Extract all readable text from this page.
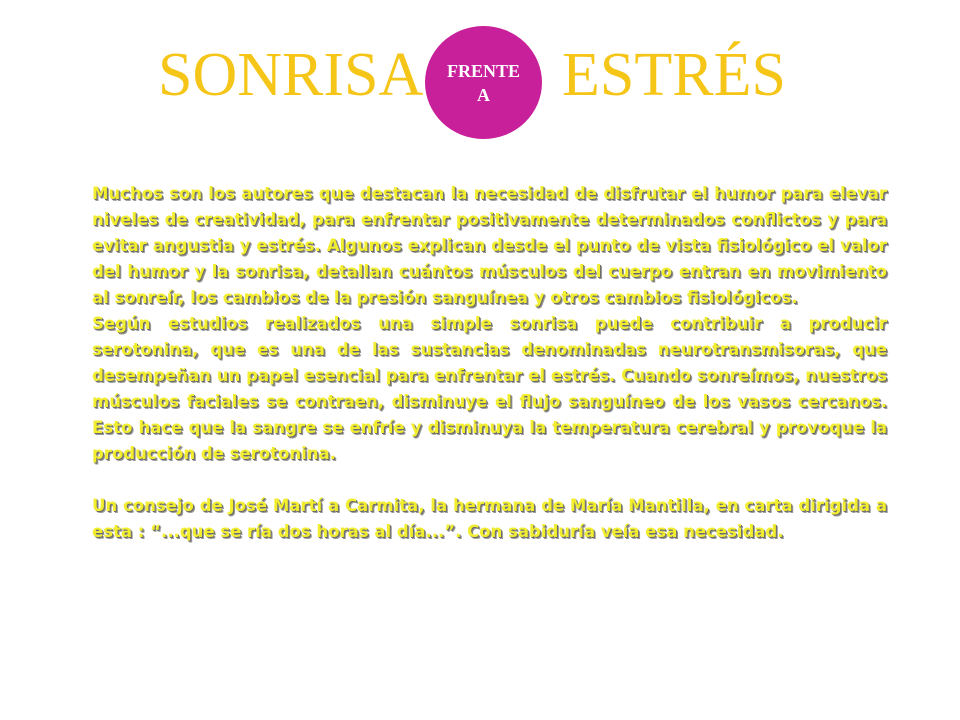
SONRISA FRENTE
A ESTRÉS

Muchos son los autores que destacan la necesidad de disfrutar el humor para elevar niveles de creatividad, para enfrentar positivamente determinados conflictos y para evitar angustia y estrés. Algunos explican desde el punto de vista fisiológico el valor del humor y la sonrisa, detallan cuántos músculos del cuerpo entran en movimiento al sonreír, los cambios de la presión sanguínea y otros cambios fisiológicos.

Según estudios realizados una simple sonrisa puede contribuir a producir serotonina, que es una de las sustancias denominadas neurotransmisoras, que desempeñan un papel esencial para enfrentar el estrés. Cuando sonreímos, nuestros músculos faciales se contraen, disminuye el flujo sanguíneo de los vasos cercanos. Esto hace que la sangre se enfríe y disminuya la temperatura cerebral y provoque la producción de serotonina.

Un consejo de José Martí a Carmita, la hermana de María Mantilla, en carta dirigida a esta : “...que se ría dos horas al día...”. Con sabiduría veía esa necesidad.
